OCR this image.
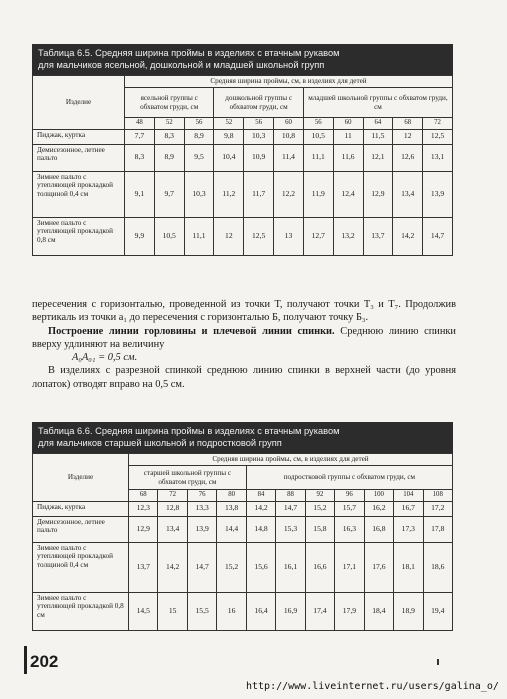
Таблица 6.5. Средняя ширина проймы в изделиях с втачным рукавом
для мальчиков ясельной, дошкольной и младшей школьной групп
Изделие	Средняя ширина проймы, см, в изделиях для детей										
	ясельной группы с обхватом груди, см			дошкольной группы с обхватом груди, см			младшей школьной группы с обхватом груди, см				
	48	52	56	52	56	60	56	60	64	68	72
Пиджак, куртка	7,7	8,3	8,9	9,8	10,3	10,8	10,5	11	11,5	12	12,5
Демисезонное, летнее пальто	8,3	8,9	9,5	10,4	10,9	11,4	11,1	11,6	12,1	12,6	13,1
Зимнее пальто с утепляющей прокладкой толщиной 0,4 см	9,1	9,7	10,3	11,2	11,7	12,2	11,9	12,4	12,9	13,4	13,9
Зимнее пальто с утепляющей прокладкой 0,8 см	9,9	10,5	11,1	12	12,5	13	12,7	13,2	13,7	14,2	14,7

пересечения с горизонталью, проведенной из точки Т, получают точки Т₃ и Т₇. Продолжив вертикаль из точки а₁ до пересечения с горизонталью Б, получают точку Б₃.

Построение линии горловины и плечевой линии спинки. Среднюю линию спинки вверху удлиняют на величину

А₀А₀₁ = 0,5 см.

В изделиях с разрезной спинкой среднюю линию спинки в верхней части (до уровня лопаток) отводят вправо на 0,5 см.

Таблица 6.6. Средняя ширина проймы в изделиях с втачным рукавом
для мальчиков старшей школьной и подростковой групп
Изделие	Средняя ширина проймы, см, в изделиях для детей										
	старшей школьной группы с обхватом груди, см				подростковой группы с обхватом груди, см						
	68	72	76	80	84	88	92	96	100	104	108
Пиджак, куртка	12,3	12,8	13,3	13,8	14,2	14,7	15,2	15,7	16,2	16,7	17,2
Демисезонное, летнее пальто	12,9	13,4	13,9	14,4	14,8	15,3	15,8	16,3	16,8	17,3	17,8
Зимнее пальто с утепляющей прокладкой толщиной 0,4 см	13,7	14,2	14,7	15,2	15,6	16,1	16,6	17,1	17,6	18,1	18,6
Зимнее пальто с утепляющей прокладкой 0,8 см	14,5	15	15,5	16	16,4	16,9	17,4	17,9	18,4	18,9	19,4
202
http://www.liveinternet.ru/users/galina_o/
